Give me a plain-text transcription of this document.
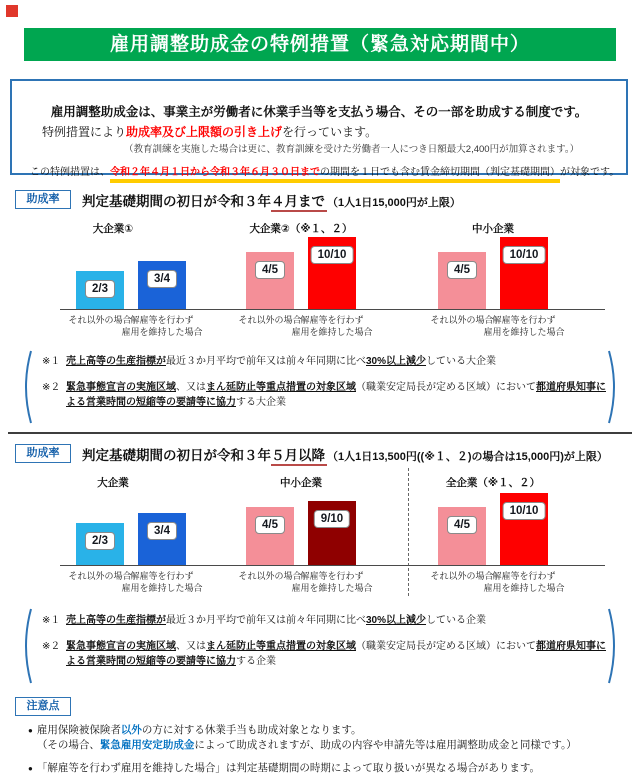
雇用調整助成金の特例措置（緊急対応期間中）

雇用調整助成金は、事業主が労働者に休業手当等を支払う場合、その一部を助成する制度です。

特例措置により助成率及び上限額の引き上げを行っています。

（教育訓練を実施した場合は更に、教育訓練を受けた労働者一人につき日額最大2,400円が加算されます。）

この特例措置は、令和２年４月１日から令和３年６月３０日までの期間を１日でも含む賃金締切期間（判定基礎期間）が対象です。

助成率	判定基礎期間の初日が令和３年４月まで （1人1日15,000円が上限）
大企業①	大企業②（※１、２）	中小企業
2/3
3/4
4/5
10/10
4/5
10/10
それ以外の場合
解雇等を行わず
雇用を維持した場合
それ以外の場合
解雇等を行わず
雇用を維持した場合
それ以外の場合
解雇等を行わず
雇用を維持した場合
※１ 売上高等の生産指標が最近３か月平均で前年又は前々年同期に比べ30%以上減少している大企業
※２ 緊急事態宣言の実施区域、又はまん延防止等重点措置の対象区域（職業安定局長が定める区域）において都道府県知事による営業時間の短縮等の要請等に協力する大企業
助成率	判定基礎期間の初日が令和３年５月以降 （1人1日13,500円((※１、２)の場合は15,000円)が上限）
大企業	中小企業	全企業（※１、２）
2/3
3/4	4/5	9/10	4/5
10/10
それ以外の場合
解雇等を行わず
雇用を維持した場合
それ以外の場合
解雇等を行わず
雇用を維持した場合
それ以外の場合
解雇等を行わず
雇用を維持した場合
※１ 売上高等の生産指標が最近３か月平均で前年又は前々年同期に比べ30%以上減少している企業
※２ 緊急事態宣言の実施区域、又はまん延防止等重点措置の対象区域（職業安定局長が定める区域）において都道府県知事による営業時間の短縮等の要請等に協力する企業
注意点
● 雇用保険被保険者以外の方に対する休業手当も助成対象となります。
（その場合、緊急雇用安定助成金によって助成されますが、助成の内容や申請先等は雇用調整助成金と同様です。）
● 「解雇等を行わず雇用を維持した場合」は判定基礎期間の時期によって取り扱いが異なる場合があります。
